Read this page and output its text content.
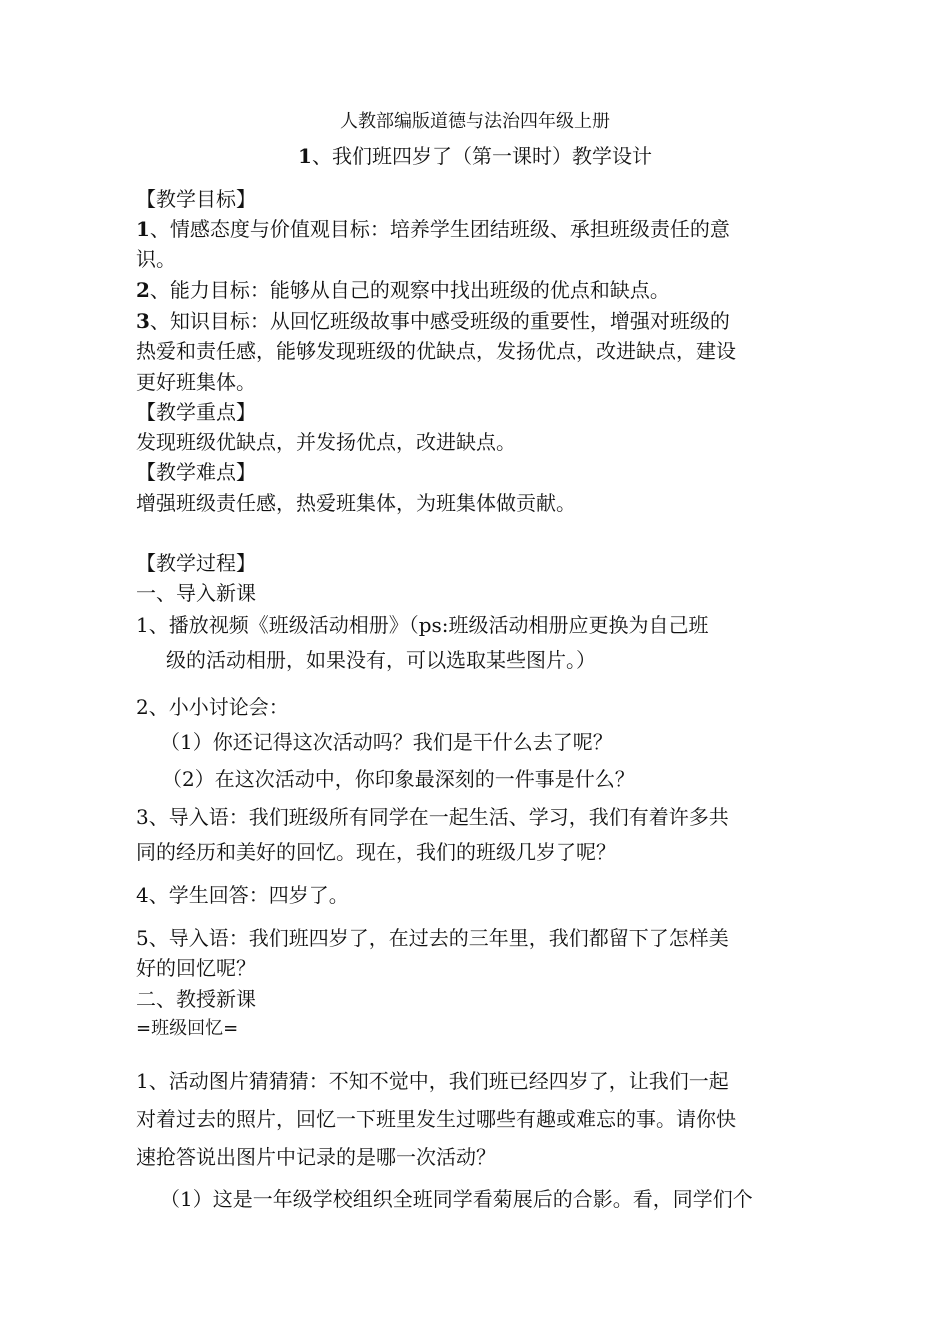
人教部编版道德与法治四年级上册
1、我们班四岁了（第一课时）教学设计
【教学目标】
1、情感态度与价值观目标：培养学生团结班级、承担班级责任的意
识。
2、能力目标：能够从自己的观察中找出班级的优点和缺点。
3、知识目标：从回忆班级故事中感受班级的重要性，增强对班级的
热爱和责任感，能够发现班级的优缺点，发扬优点，改进缺点，建设
更好班集体。
【教学重点】
发现班级优缺点，并发扬优点，改进缺点。
【教学难点】
增强班级责任感，热爱班集体，为班集体做贡献。
【教学过程】
一、导入新课
1、播放视频《班级活动相册》（ps:班级活动相册应更换为自己班
级的活动相册，如果没有，可以选取某些图片。）
2、小小讨论会：
（1）你还记得这次活动吗？我们是干什么去了呢？
（2）在这次活动中，你印象最深刻的一件事是什么？
3、导入语：我们班级所有同学在一起生活、学习，我们有着许多共
同的经历和美好的回忆。现在，我们的班级几岁了呢？
4、学生回答：四岁了。
5、导入语：我们班四岁了，在过去的三年里，我们都留下了怎样美
好的回忆呢？
二、教授新课
=班级回忆=
1、活动图片猜猜猜：不知不觉中，我们班已经四岁了，让我们一起
对着过去的照片，回忆一下班里发生过哪些有趣或难忘的事。请你快
速抢答说出图片中记录的是哪一次活动？
（1）这是一年级学校组织全班同学看菊展后的合影。看，同学们个
